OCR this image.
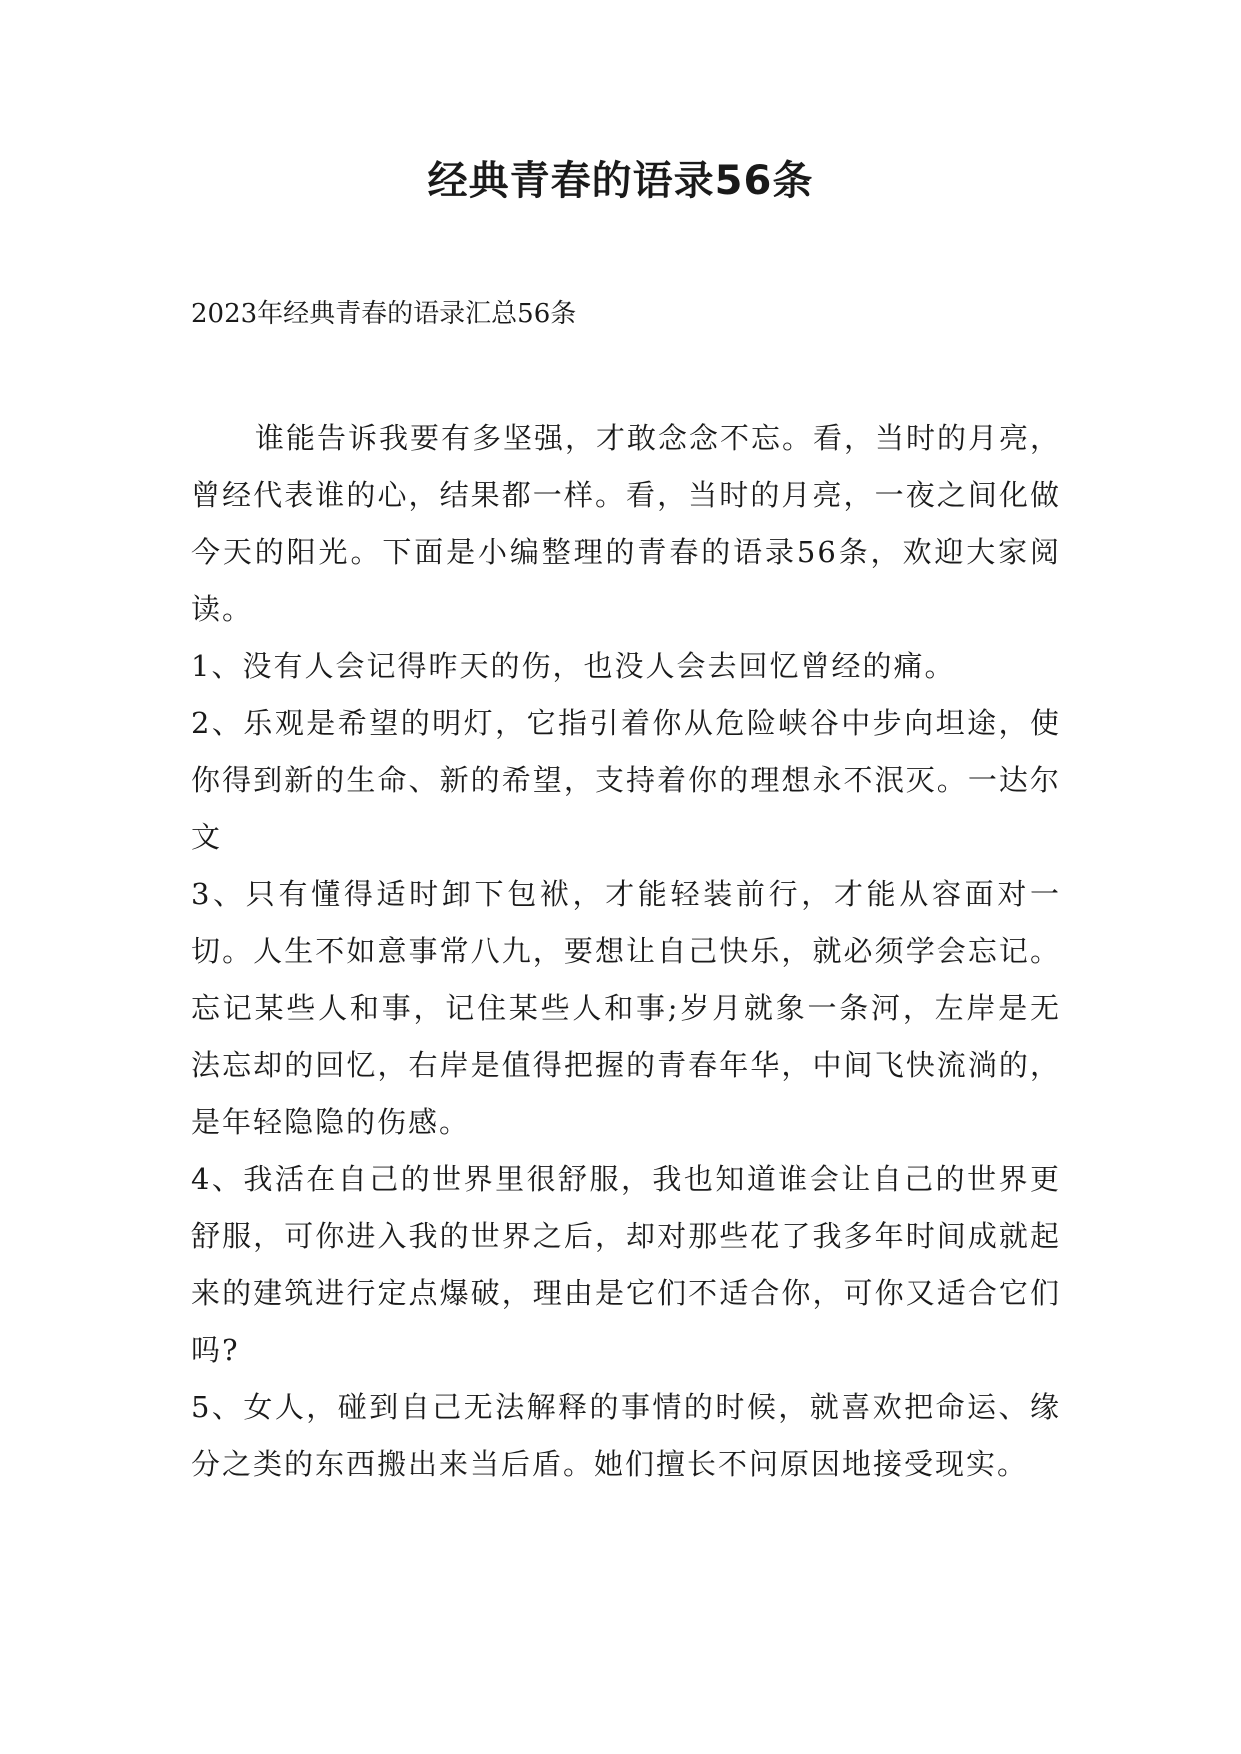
经典青春的语录56条

2023年经典青春的语录汇总56条

谁能告诉我要有多坚强，才敢念念不忘。看，当时的月亮，曾经代表谁的心，结果都一样。看，当时的月亮，一夜之间化做今天的阳光。下面是小编整理的青春的语录56条，欢迎大家阅读。

1、没有人会记得昨天的伤，也没人会去回忆曾经的痛。

2、乐观是希望的明灯，它指引着你从危险峡谷中步向坦途，使你得到新的生命、新的希望，支持着你的理想永不泯灭。一达尔文

3、只有懂得适时卸下包袱，才能轻装前行，才能从容面对一切。人生不如意事常八九，要想让自己快乐，就必须学会忘记。忘记某些人和事，记住某些人和事;岁月就象一条河，左岸是无法忘却的回忆，右岸是值得把握的青春年华，中间飞快流淌的，是年轻隐隐的伤感。

4、我活在自己的世界里很舒服，我也知道谁会让自己的世界更舒服，可你进入我的世界之后，却对那些花了我多年时间成就起来的建筑进行定点爆破，理由是它们不适合你，可你又适合它们吗?

5、女人，碰到自己无法解释的事情的时候，就喜欢把命运、缘分之类的东西搬出来当后盾。她们擅长不问原因地接受现实。
